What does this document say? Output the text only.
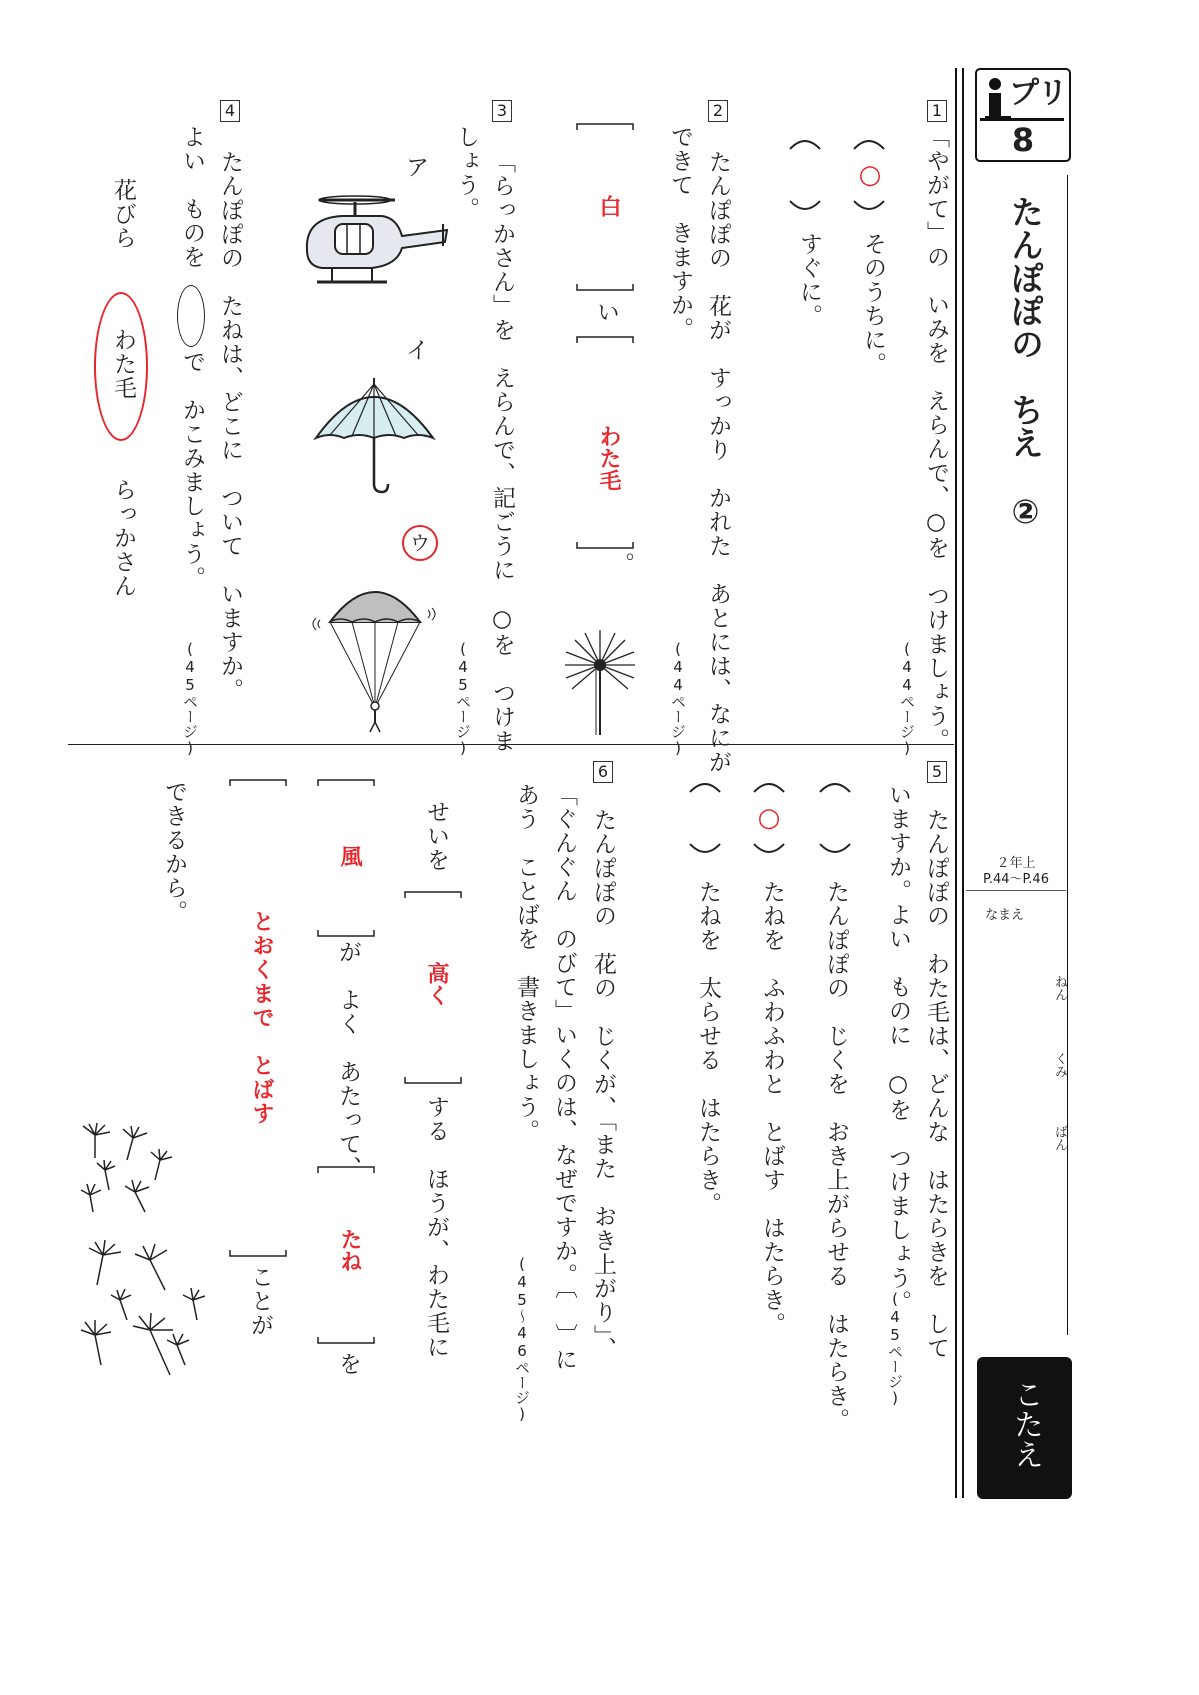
プリ
8
たんぽぽの　ちえ　②
２年上
P.44〜P.46
なまえ
ねん
くみ
ばん
こたえ
1
「やがて」の　いみを　えらんで、○を　つけましょう。
(44ページ)
○
そのうちに。
すぐに。
2
たんぽぽの　花が　すっかり　かれた　あとには、なにが
できて　きますか。
(44ページ)
白
い
わた毛
。
3
「らっかさん」を　えらんで、記ごうに　○を　つけま
しょう。
(45ページ)
ア
イ
ウ
4
たんぽぽの　たねは、どこに　ついて　いますか。
よい　ものを
で　かこみましょう。
(45ページ)
花びら
わた毛
らっかさん
5
たんぽぽの　わた毛は、どんな　はたらきを　して
いますか。よい　ものに　○を　つけましょう。
(45ページ)
たんぽぽの　じくを　おき上がらせる　はたらき。
○
たねを　ふわふわと　とばす　はたらき。
たねを　太らせる　はたらき。
6
たんぽぽの　花の　じくが、「また　おき上がり」、
「ぐんぐん　のびて」いくのは、なぜですか。〔　〕に
あう　ことばを　書きましょう。
(45〜46ページ)
せいを
高く
する　ほうが、わた毛に
風
が　よく　あたって、
たね
を
とおくまで　とばす
ことが
できるから。
